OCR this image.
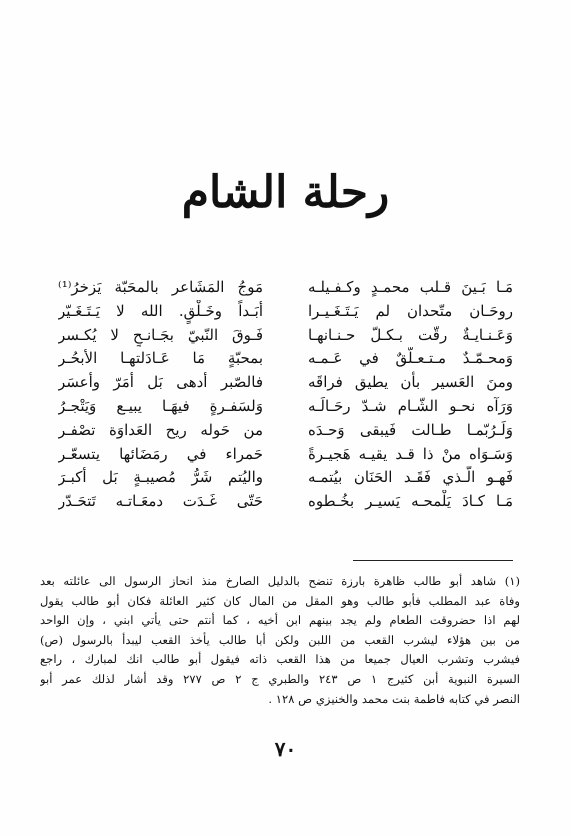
رحلة الشام
مَـا بَـينَ قـلب محمـدٍ وكـفـيلـه
روحَـان متّحدان لم يَـتَـغَـيـرا
وَعَـنـايـةٌ رقّت بـكـلّ حـنـانهـا
وَمحـمّـدٌ مـتـعـلّقٌ في عَـمـه
ومنَ العَسير بأن يطيق فراقَه
وَرَآه نحـو الشّـام شـدّ رحَـالَـه
وَلَـرُبّمـا طـالت فَيبقى وَحـدَه
وَسَـوَاه منْ ذا قـد يقيـه هَجيـرةً
فَهـو الّـذي فَقَـد الحَنَان بيُتمـه
مَـا كـادَ يَلْمحـه يَسيـر بخُـطوه
مَوجُ المَشَاعر بالمحَبّة يَزخرُ⁽¹⁾
أبَـداً وخَـلْقٍ. الله لا يَـتَـغَـيّر
فَـوقَ النّبيّ بجَـانـحٍ لا يُكـسر
بمحبّةٍ مَا عَـادَلتهـا الأبحُـر
فالصّبر أدهى بَل أمَرّ وأعسَر
وَلسَفـرةٍ فيهَـا يبيـع وَيَتْجـرُ
من حَوله ريح العَداوَة تصْفـر
حَمراء في رمَضَائها يتسعّـر
واليُتم شَرُّ مُصيبـةٍ بَل أكبـرَ
حَتّى غَـدَت دمعَـاتـه تَتحَـدّر
(١) شاهد أبو طالب ظاهرة بارزة تنضح بالدليل الصارخ منذ انحاز الرسول الى عائلته بعد
وفاة عبد المطلب فأبو طالب وهو المقل من المال كان كثير العائلة فكان أبو طالب يقول
لهم اذا حضروقت الطعام ولم يجد بينهم ابن أخيه ، كما أنتم حتى يأتي ابني ، وإن الواحد
من بين هؤلاء ليشرب القعب من اللبن ولكن أبا طالب يأخذ القعب ليبدأ بالرسول (ص)
فيشرب وتشرب العيال جميعا من هذا القعب ذاته فيقول أبو طالب انك لمبارك ، راجع
السيرة النبوية أبن كثيرج ١ ص ٢٤٣ والطبري ج ٢ ص ٢٧٧ وقد أشار لذلك عمر أبو
النصر في كتابه فاطمة بنت محمد والخنيزي ص ١٢٨ .
٧٠
